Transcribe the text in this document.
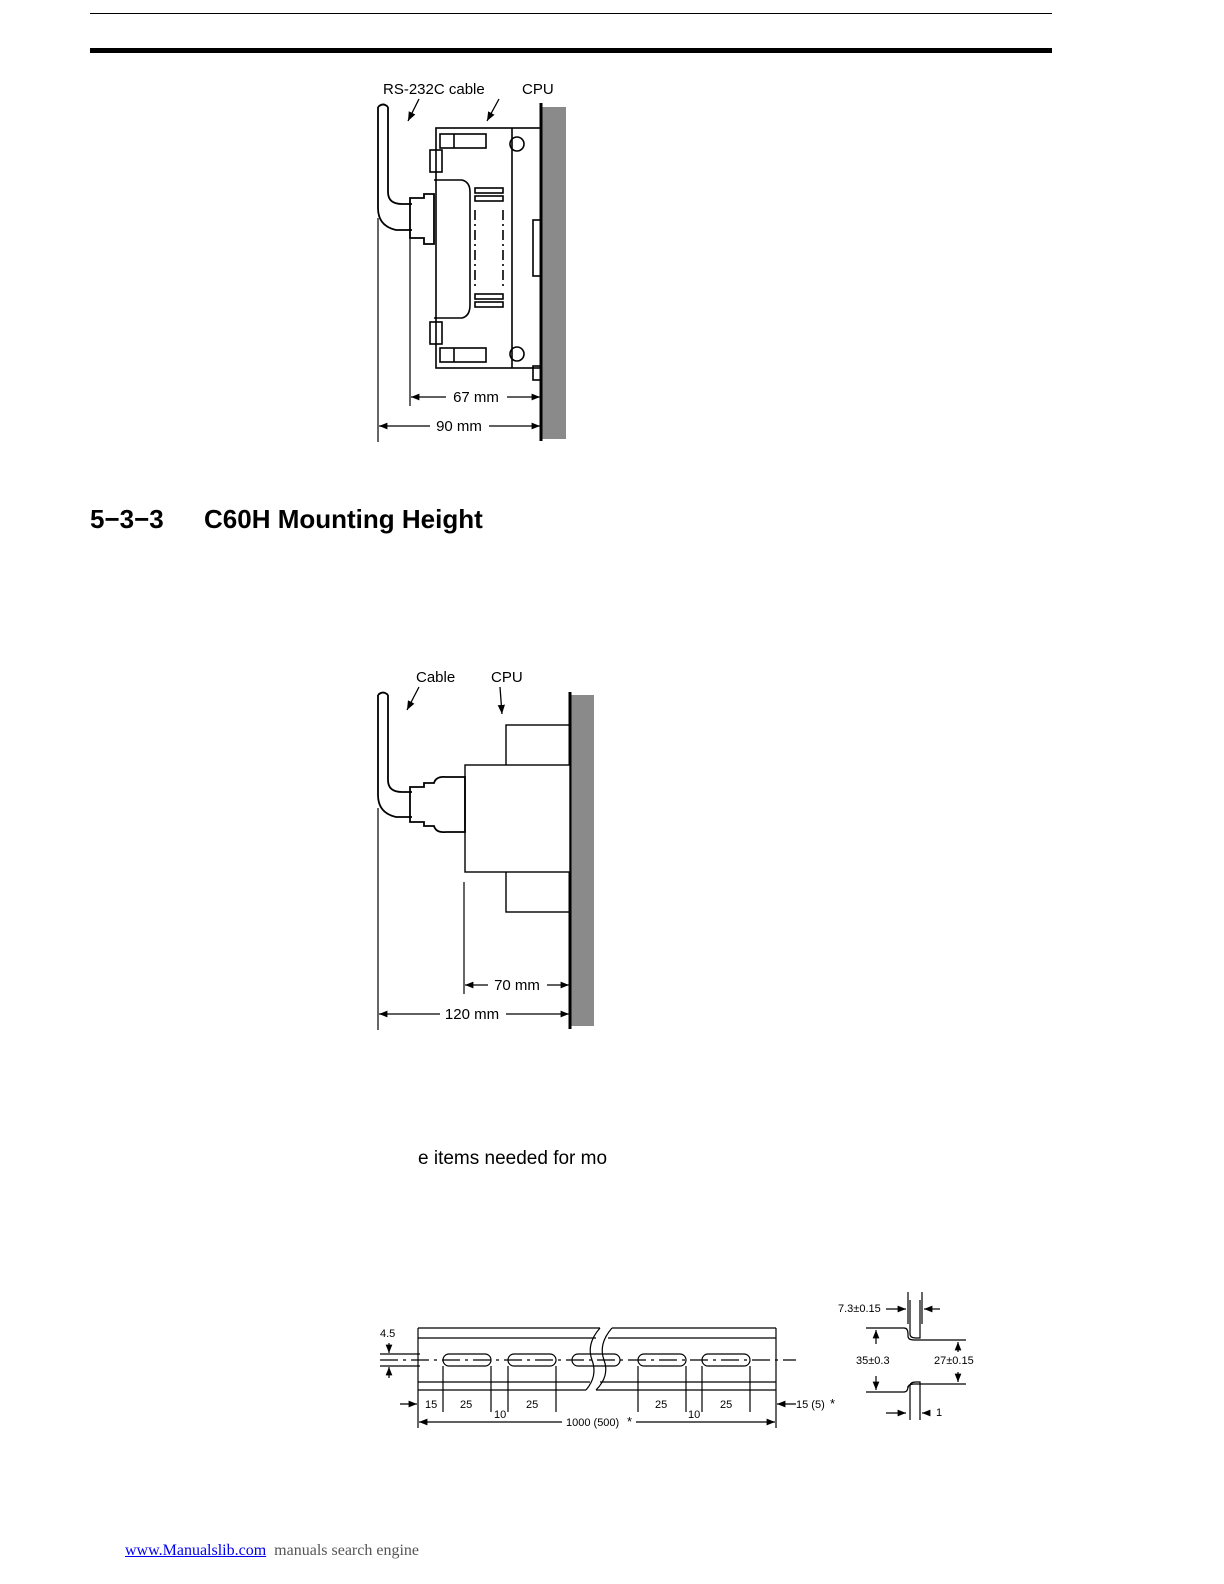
RS-232C cable CPU
67 mm
90 mm
Cable CPU
70 mm
120 mm
4.5
15 25
10
25	25
10
25	15 (5) *
1000 (500) *
7.3±0.15
35±0.3	27±0.15
1
5−3−3 C60H Mounting Height
e items needed for mo
www.Manualslib.com manuals search engine
